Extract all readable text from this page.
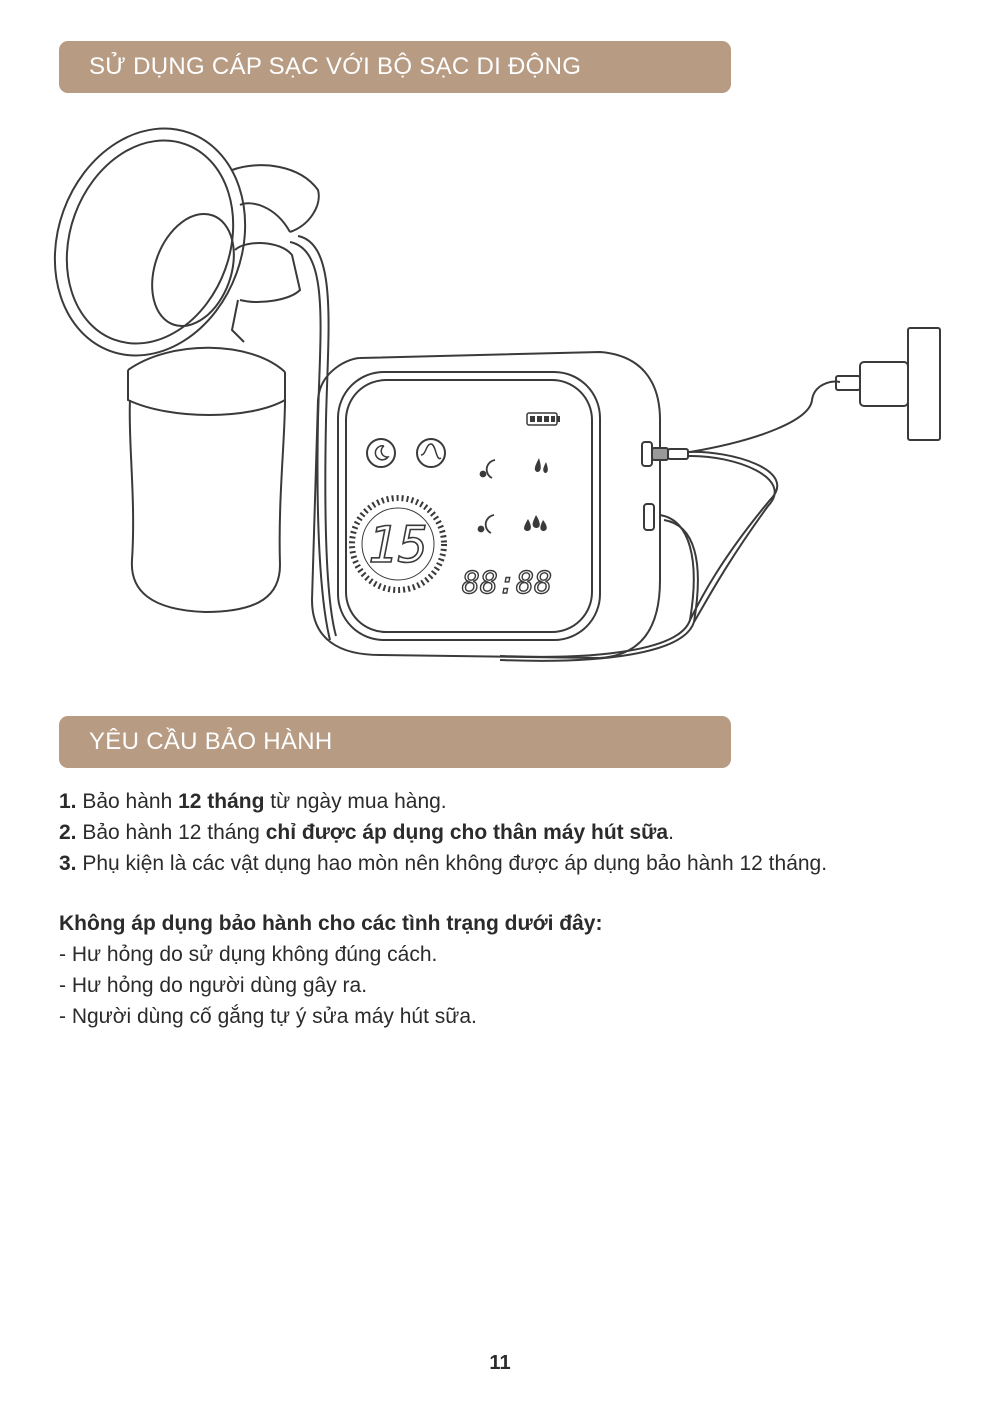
SỬ DỤNG CÁP SẠC VỚI BỘ SẠC DI ĐỘNG
15
88:88
YÊU CẦU BẢO HÀNH

1. Bảo hành 12 tháng từ ngày mua hàng.

2. Bảo hành 12 tháng chỉ được áp dụng cho thân máy hút sữa.

3. Phụ kiện là các vật dụng hao mòn nên không được áp dụng bảo hành 12 tháng.

Không áp dụng bảo hành cho các tình trạng dưới đây:

- Hư hỏng do sử dụng không đúng cách.

- Hư hỏng do người dùng gây ra.

- Người dùng cố gắng tự ý sửa máy hút sữa.

11
